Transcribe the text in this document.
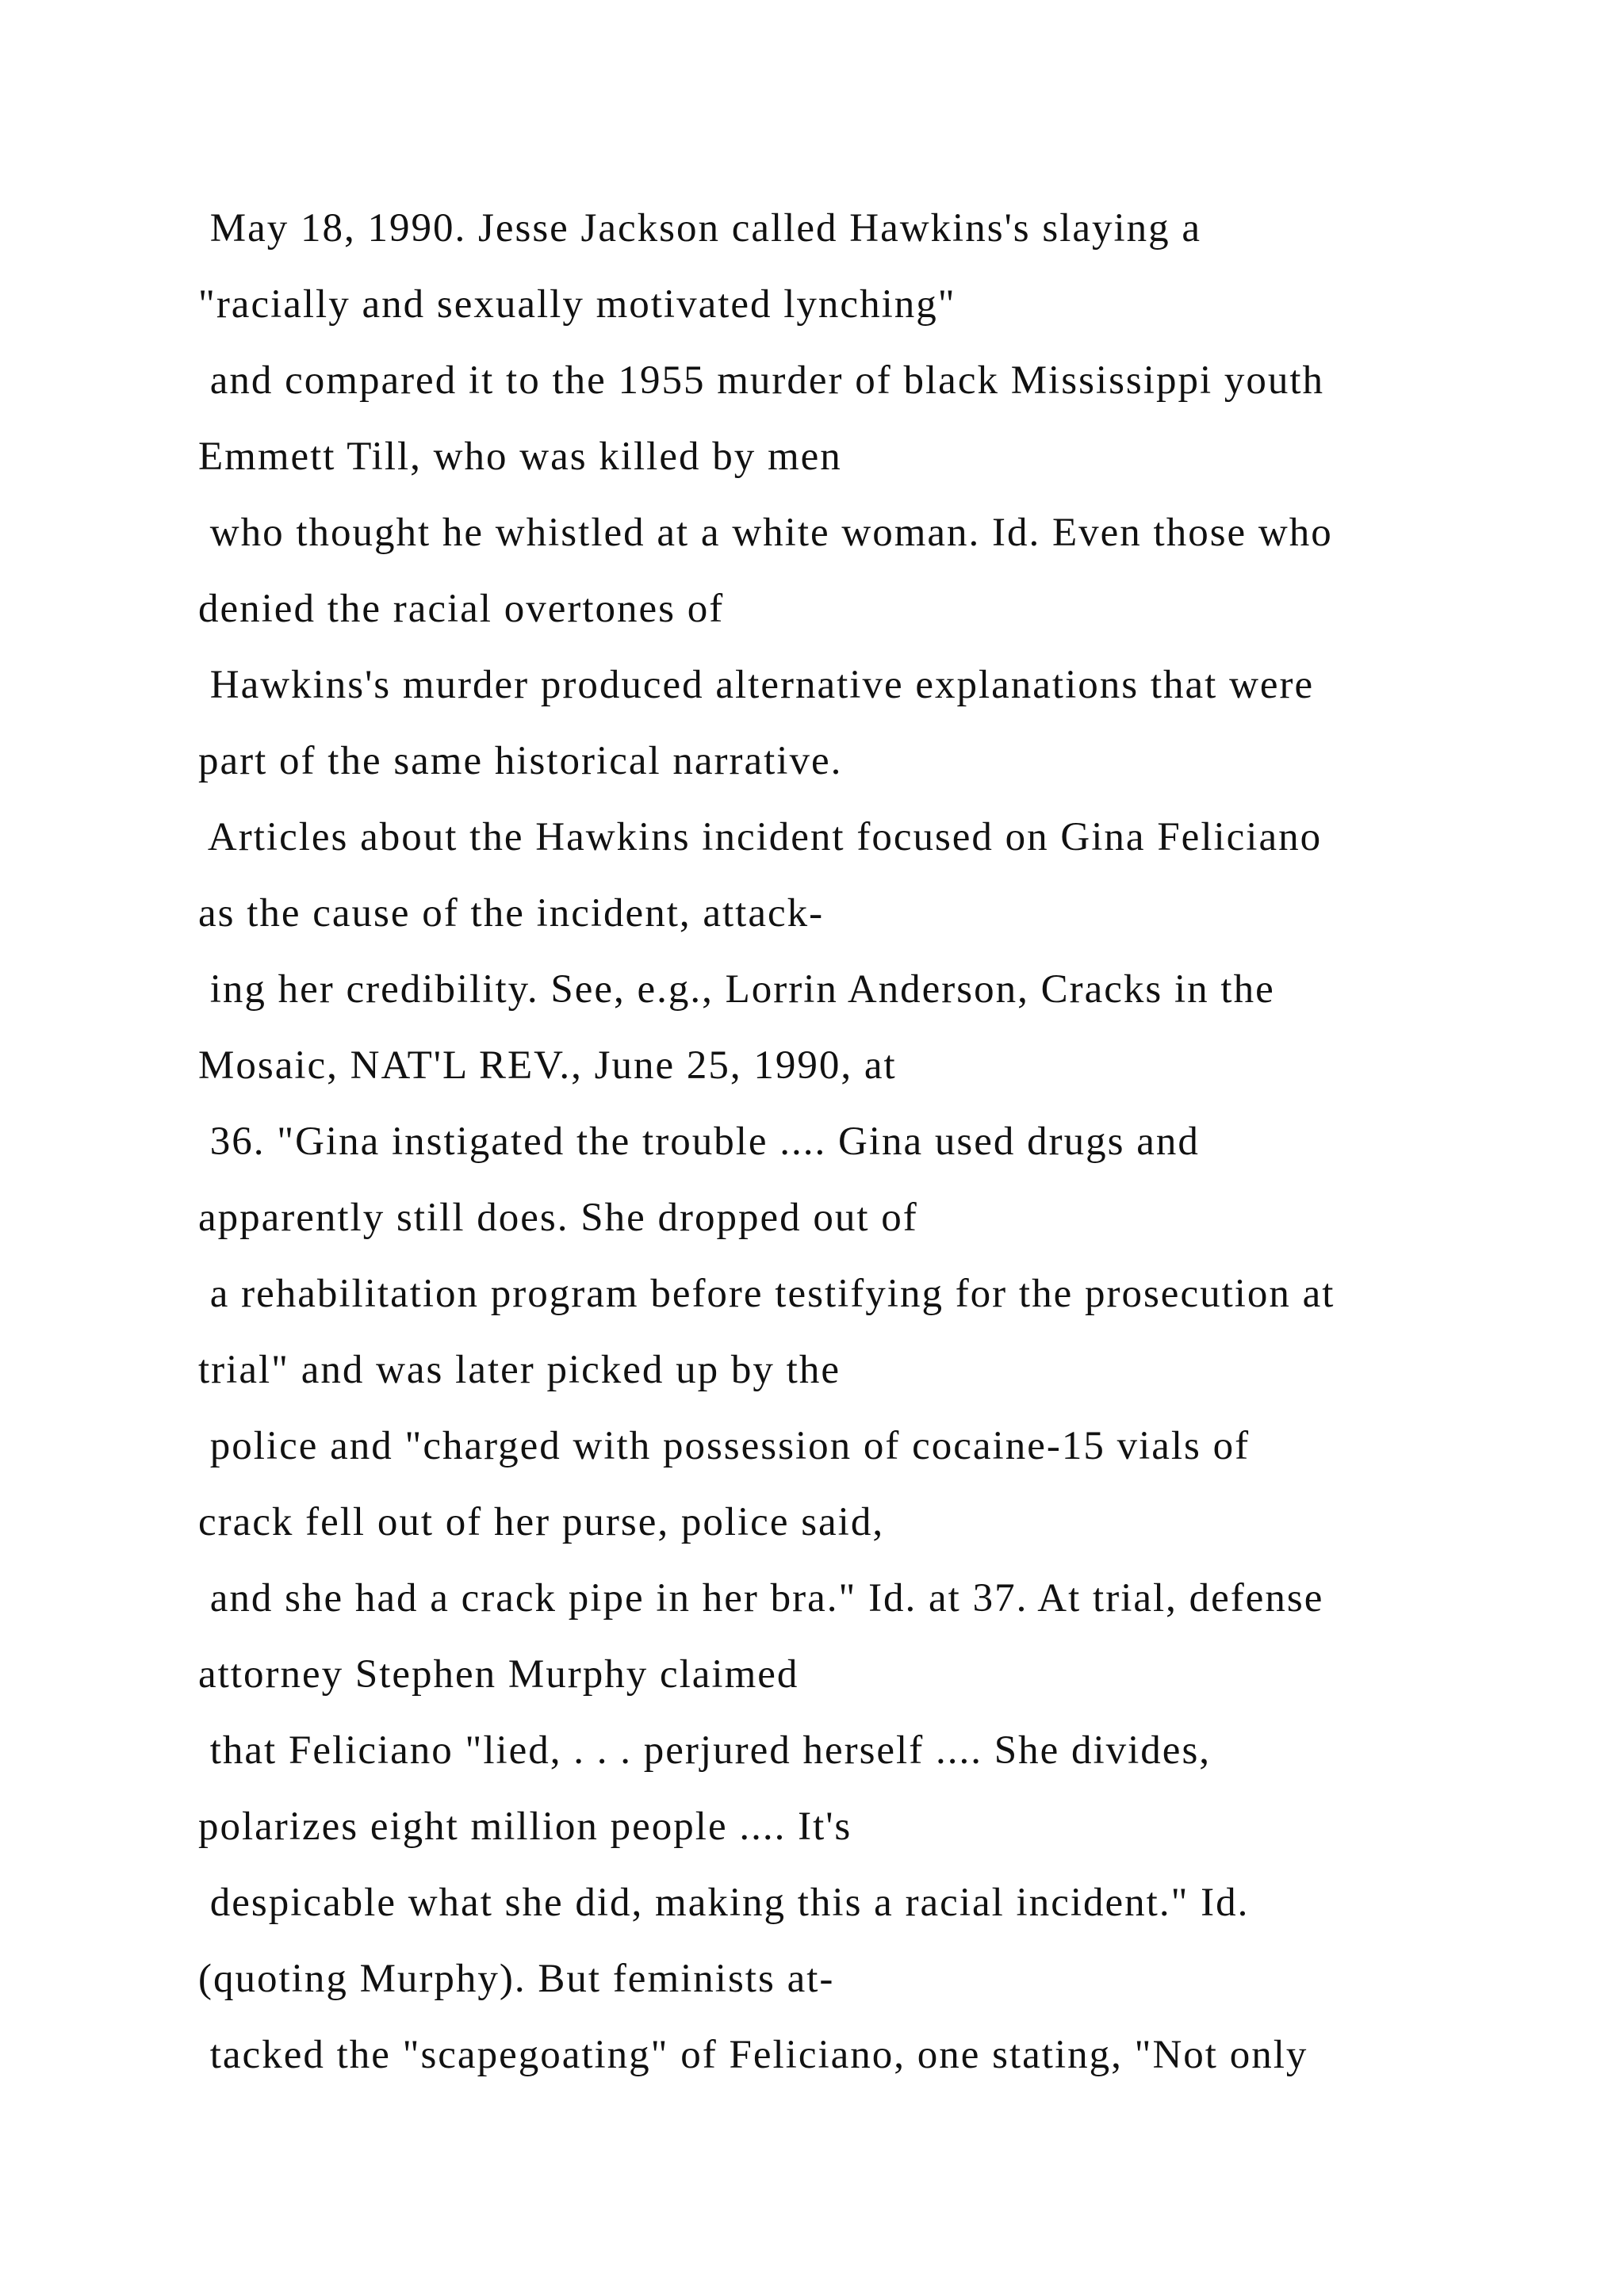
May 18, 1990. Jesse Jackson called Hawkins's slaying a
"racially and sexually motivated lynching"
and compared it to the 1955 murder of black Mississippi youth
Emmett Till, who was killed by men
who thought he whistled at a white woman. Id. Even those who
denied the racial overtones of
Hawkins's murder produced alternative explanations that were
part of the same historical narrative.
Articles about the Hawkins incident focused on Gina Feliciano
as the cause of the incident, attack-
ing her credibility. See, e.g., Lorrin Anderson, Cracks in the
Mosaic, NAT'L REV., June 25, 1990, at
36. "Gina instigated the trouble .... Gina used drugs and
apparently still does. She dropped out of
a rehabilitation program before testifying for the prosecution at
trial" and was later picked up by the
police and "charged with possession of cocaine-15 vials of
crack fell out of her purse, police said,
and she had a crack pipe in her bra." Id. at 37. At trial, defense
attorney Stephen Murphy claimed
that Feliciano "lied, . . . perjured herself .... She divides,
polarizes eight million people .... It's
despicable what she did, making this a racial incident." Id.
(quoting Murphy). But feminists at-
tacked the "scapegoating" of Feliciano, one stating, "Not only
